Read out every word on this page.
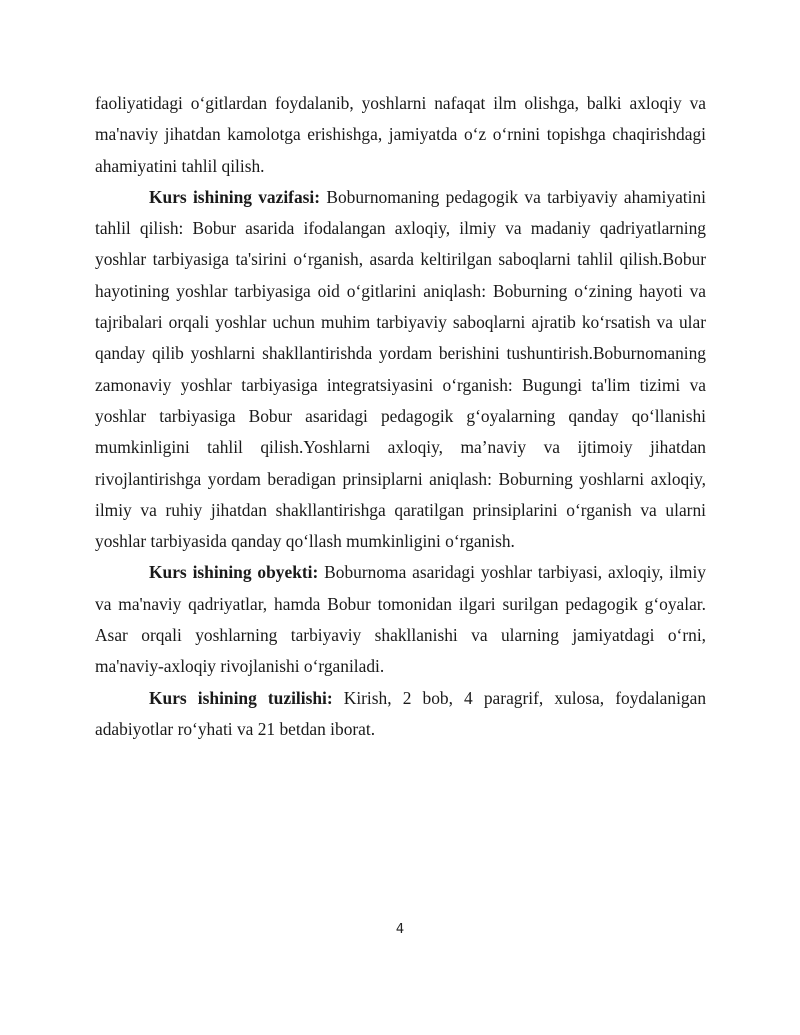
faoliyatidagi o‘gitlardan foydalanib, yoshlarni nafaqat ilm olishga, balki axloqiy va ma'naviy jihatdan kamolotga erishishga, jamiyatda o‘z o‘rnini topishga chaqirishdagi ahamiyatini tahlil qilish.

Kurs ishining vazifasi: Boburnomaning pedagogik va tarbiyaviy ahamiyatini tahlil qilish: Bobur asarida ifodalangan axloqiy, ilmiy va madaniy qadriyatlarning yoshlar tarbiyasiga ta'sirini o‘rganish, asarda keltirilgan saboqlarni tahlil qilish.Bobur hayotining yoshlar tarbiyasiga oid o‘gitlarini aniqlash: Boburning o‘zining hayoti va tajribalari orqali yoshlar uchun muhim tarbiyaviy saboqlarni ajratib ko‘rsatish va ular qanday qilib yoshlarni shakllantirishda yordam berishini tushuntirish.Boburnomaning zamonaviy yoshlar tarbiyasiga integratsiyasini o‘rganish: Bugungi ta'lim tizimi va yoshlar tarbiyasiga Bobur asaridagi pedagogik g‘oyalarning qanday qo‘llanishi mumkinligini tahlil qilish.Yoshlarni axloqiy, ma’naviy va ijtimoiy jihatdan rivojlantirishga yordam beradigan prinsiplarni aniqlash: Boburning yoshlarni axloqiy, ilmiy va ruhiy jihatdan shakllantirishga qaratilgan prinsiplarini o‘rganish va ularni yoshlar tarbiyasida qanday qo‘llash mumkinligini o‘rganish.

Kurs ishining obyekti: Boburnoma asaridagi yoshlar tarbiyasi, axloqiy, ilmiy va ma'naviy qadriyatlar, hamda Bobur tomonidan ilgari surilgan pedagogik g‘oyalar. Asar orqali yoshlarning tarbiyaviy shakllanishi va ularning jamiyatdagi o‘rni, ma'naviy-axloqiy rivojlanishi o‘rganiladi.

Kurs ishining tuzilishi: Kirish, 2 bob, 4 paragrif, xulosa, foydalanigan adabiyotlar ro‘yhati va 21 betdan iborat.

4
